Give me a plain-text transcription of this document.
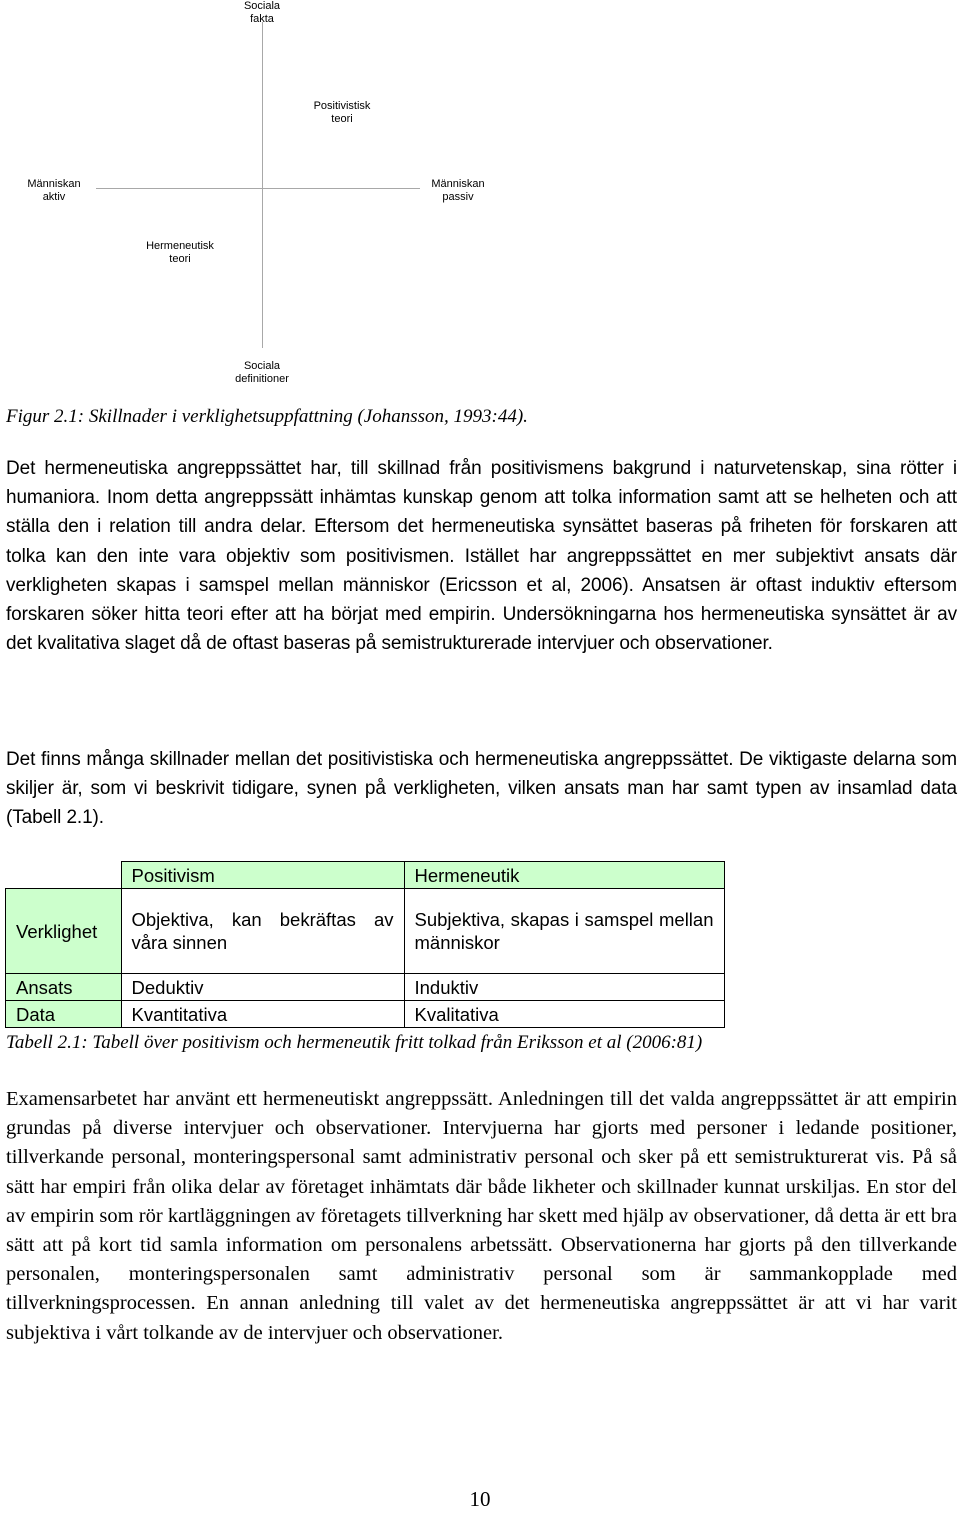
Sociala
fakta
Positivistisk
teori
Människan
aktiv
Människan
passiv
Hermeneutisk
teori
Sociala
definitioner
Figur 2.1: Skillnader i verklighetsuppfattning (Johansson, 1993:44).

Det hermeneutiska angreppssättet har, till skillnad från positivismens bakgrund i naturvetenskap, sina rötter i humaniora. Inom detta angreppssätt inhämtas kunskap genom att tolka information samt att se helheten och att ställa den i relation till andra delar. Eftersom det hermeneutiska synsättet baseras på friheten för forskaren att tolka kan den inte vara objektiv som positivismen. Istället har angreppssättet en mer subjektivt ansats där verkligheten skapas i samspel mellan människor (Ericsson et al, 2006). Ansatsen är oftast induktiv eftersom forskaren söker hitta teori efter att ha börjat med empirin. Undersökningarna hos hermeneutiska synsättet är av det kvalitativa slaget då de oftast baseras på semistrukturerade intervjuer och observationer.

Det finns många skillnader mellan det positivistiska och hermeneutiska angreppssättet. De viktigaste delarna som skiljer är, som vi beskrivit tidigare, synen på verkligheten, vilken ansats man har samt typen av insamlad data (Tabell 2.1).

	Positivism	Hermeneutik
Verklighet	Objektiva, kan bekräftas av våra sinnen	Subjektiva, skapas i samspel mellan människor
Ansats	Deduktiv	Induktiv
Data	Kvantitativa	Kvalitativa
Tabell 2.1: Tabell över positivism och hermeneutik fritt tolkad från Eriksson et al (2006:81)

Examensarbetet har använt ett hermeneutiskt angreppssätt. Anledningen till det valda angreppssättet är att empirin grundas på diverse intervjuer och observationer. Intervjuerna har gjorts med personer i ledande positioner, tillverkande personal, monteringspersonal samt administrativ personal och sker på ett semistrukturerat vis. På så sätt har empiri från olika delar av företaget inhämtats där både likheter och skillnader kunnat urskiljas. En stor del av empirin som rör kartläggningen av företagets tillverkning har skett med hjälp av observationer, då detta är ett bra sätt att på kort tid samla information om personalens arbetssätt. Observationerna har gjorts på den tillverkande personalen, monteringspersonalen samt administrativ personal som är sammankopplade med tillverkningsprocessen. En annan anledning till valet av det hermeneutiska angreppssättet är att vi har varit subjektiva i vårt tolkande av de intervjuer och observationer.

10
